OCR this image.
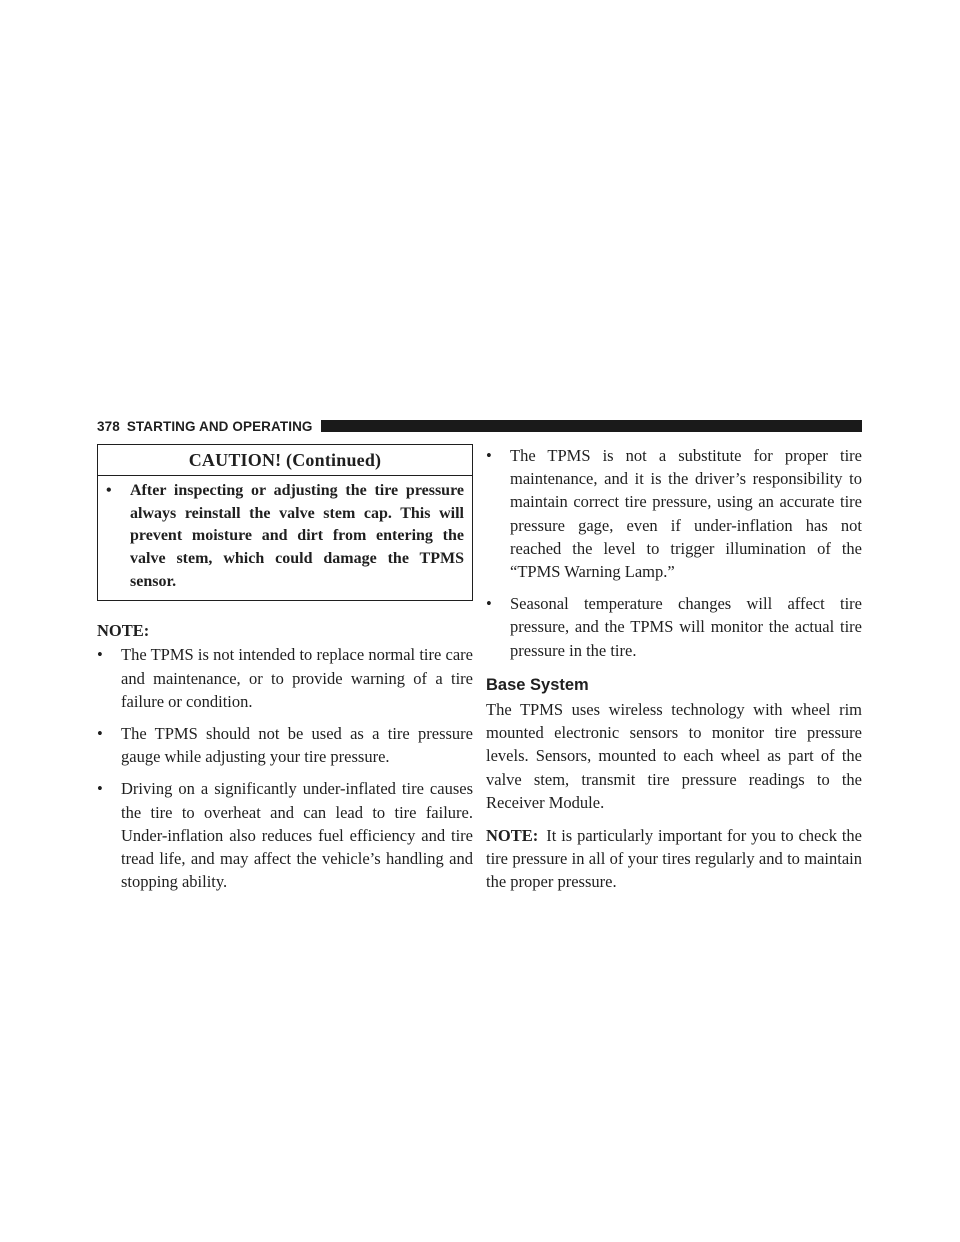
378 STARTING AND OPERATING
CAUTION! (Continued)
•	After inspecting or adjusting the tire pressure always reinstall the valve stem cap. This will prevent moisture and dirt from entering the valve stem, which could damage the TPMS sensor.
NOTE:
•	The TPMS is not intended to replace normal tire care and maintenance, or to provide warning of a tire failure or condition.
•	The TPMS should not be used as a tire pressure gauge while adjusting your tire pressure.
•	Driving on a significantly under-inflated tire causes the tire to overheat and can lead to tire failure. Under-inflation also reduces fuel efficiency and tire tread life, and may affect the vehicle’s handling and stopping ability.
•	The TPMS is not a substitute for proper tire maintenance, and it is the driver’s responsibility to maintain correct tire pressure, using an accurate tire pressure gage, even if under-inflation has not reached the level to trigger illumination of the “TPMS Warning Lamp.”
•	Seasonal temperature changes will affect tire pressure, and the TPMS will monitor the actual tire pressure in the tire.
Base System
The TPMS uses wireless technology with wheel rim mounted electronic sensors to monitor tire pressure levels. Sensors, mounted to each wheel as part of the valve stem, transmit tire pressure readings to the Receiver Module.
NOTE: It is particularly important for you to check the tire pressure in all of your tires regularly and to maintain the proper pressure.
